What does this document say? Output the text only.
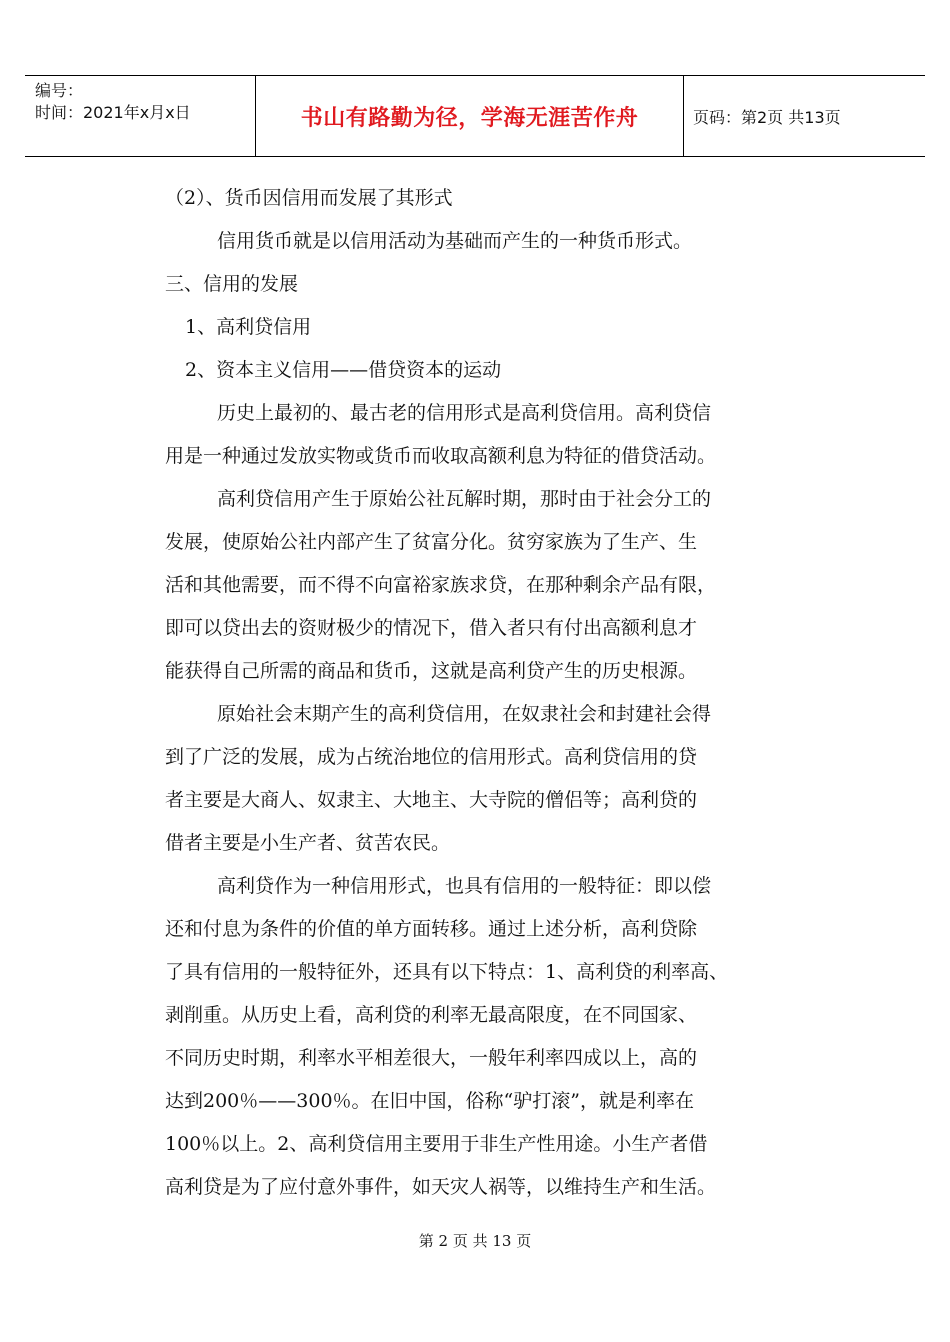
编号：
时间：2021年x月x日	书山有路勤为径，学海无涯苦作舟	页码：第2页 共13页
（2）、货币因信用而发展了其形式
信用货币就是以信用活动为基础而产生的一种货币形式。
三、信用的发展
1、高利贷信用
2、资本主义信用——借贷资本的运动
历史上最初的、最古老的信用形式是高利贷信用。高利贷信
用是一种通过发放实物或货币而收取高额利息为特征的借贷活动。
高利贷信用产生于原始公社瓦解时期，那时由于社会分工的
发展，使原始公社内部产生了贫富分化。贫穷家族为了生产、生
活和其他需要，而不得不向富裕家族求贷，在那种剩余产品有限，
即可以贷出去的资财极少的情况下，借入者只有付出高额利息才
能获得自己所需的商品和货币，这就是高利贷产生的历史根源。
原始社会末期产生的高利贷信用，在奴隶社会和封建社会得
到了广泛的发展，成为占统治地位的信用形式。高利贷信用的贷
者主要是大商人、奴隶主、大地主、大寺院的僧侣等；高利贷的
借者主要是小生产者、贫苦农民。
高利贷作为一种信用形式，也具有信用的一般特征：即以偿
还和付息为条件的价值的单方面转移。通过上述分析，高利贷除
了具有信用的一般特征外，还具有以下特点：1、高利贷的利率高、
剥削重。从历史上看，高利贷的利率无最高限度，在不同国家、
不同历史时期，利率水平相差很大，一般年利率四成以上，高的
达到200％——300％。在旧中国，俗称“驴打滚”，就是利率在
100％以上。2、高利贷信用主要用于非生产性用途。小生产者借
高利贷是为了应付意外事件，如天灾人祸等，以维持生产和生活。
第 2 页 共 13 页
